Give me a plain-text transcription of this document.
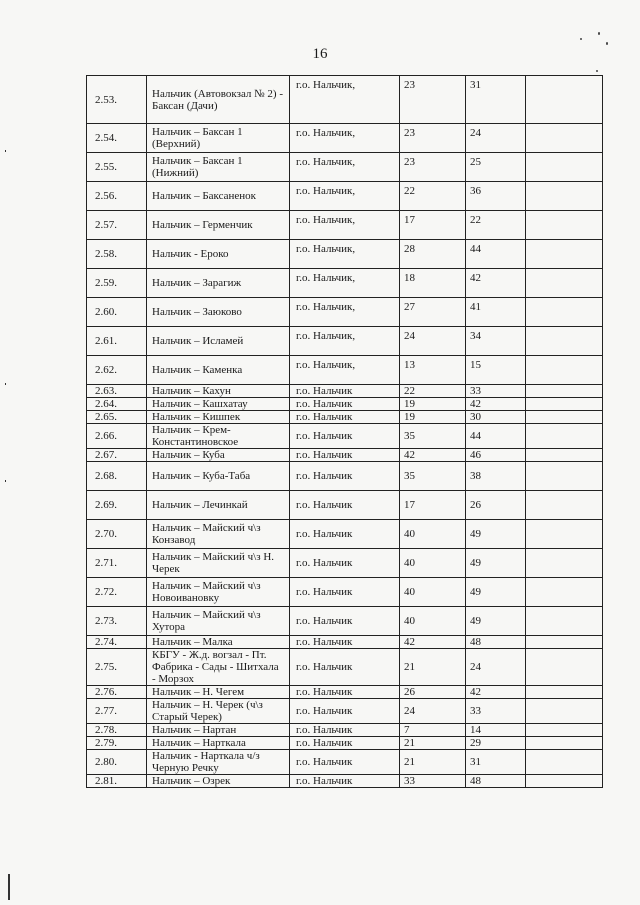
16
2.53.	Нальчик (Автовокзал № 2) - Баксан (Дачи)	г.о. Нальчик,	23	31	
2.54.	Нальчик – Баксан 1 (Верхний)	г.о. Нальчик,	23	24	
2.55.	Нальчик – Баксан 1 (Нижний)	г.о. Нальчик,	23	25	
2.56.	Нальчик – Баксаненок	г.о. Нальчик,	22	36	
2.57.	Нальчик – Герменчик	г.о. Нальчик,	17	22	
2.58.	Нальчик - Ероко	г.о. Нальчик,	28	44	
2.59.	Нальчик – Зарагиж	г.о. Нальчик,	18	42	
2.60.	Нальчик – Заюково	г.о. Нальчик,	27	41	
2.61.	Нальчик – Исламей	г.о. Нальчик,	24	34	
2.62.	Нальчик – Каменка	г.о. Нальчик,	13	15	
2.63.	Нальчик – Кахун	г.о. Нальчик	22	33	
2.64.	Нальчик – Кашхатау	г.о. Нальчик	19	42	
2.65.	Нальчик – Кишпек	г.о. Нальчик	19	30	
2.66.	Нальчик – Крем-Константиновское	г.о. Нальчик	35	44	
2.67.	Нальчик – Куба	г.о. Нальчик	42	46	
2.68.	Нальчик – Куба-Таба	г.о. Нальчик	35	38	
2.69.	Нальчик – Лечинкай	г.о. Нальчик	17	26	
2.70.	Нальчик – Майский ч\з Конзавод	г.о. Нальчик	40	49	
2.71.	Нальчик – Майский ч\з Н. Черек	г.о. Нальчик	40	49	
2.72.	Нальчик – Майский ч\з Новоивановку	г.о. Нальчик	40	49	
2.73.	Нальчик – Майский ч\з Хутора	г.о. Нальчик	40	49	
2.74.	Нальчик – Малка	г.о. Нальчик	42	48	
2.75.	КБГУ - Ж.д. вогзал - Пт. Фабрика - Сады - Шитхала - Морзох	г.о. Нальчик	21	24	
2.76.	Нальчик – Н. Чегем	г.о. Нальчик	26	42	
2.77.	Нальчик – Н. Черек (ч\з Старый Черек)	г.о. Нальчик	24	33	
2.78.	Нальчик – Нартан	г.о. Нальчик	7	14	
2.79.	Нальчик – Нарткала	г.о. Нальчик	21	29	
2.80.	Нальчик - Нарткала ч/з Черную Речку	г.о. Нальчик	21	31	
2.81.	Нальчик – Озрек	г.о. Нальчик	33	48	
